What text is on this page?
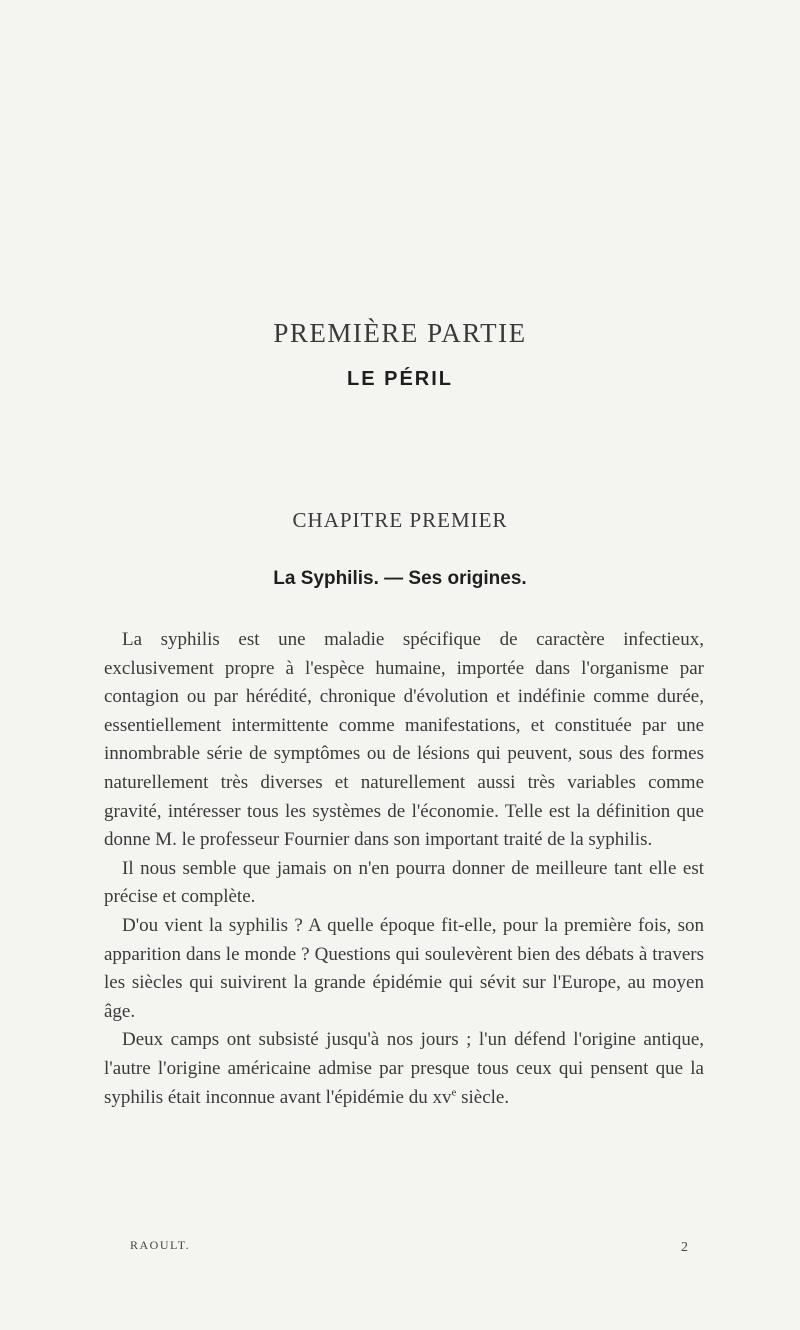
PREMIÈRE PARTIE
LE PÉRIL
CHAPITRE PREMIER
La Syphilis. — Ses origines.

La syphilis est une maladie spécifique de caractère infectieux, exclusivement propre à l'espèce humaine, importée dans l'organisme par contagion ou par hérédité, chronique d'évolution et indéfinie comme durée, essentiellement intermittente comme manifestations, et constituée par une innombrable série de symptômes ou de lésions qui peuvent, sous des formes naturellement très diverses et naturellement aussi très variables comme gravité, intéresser tous les systèmes de l'économie. Telle est la définition que donne M. le professeur Fournier dans son important traité de la syphilis.

Il nous semble que jamais on n'en pourra donner de meilleure tant elle est précise et complète.

D'ou vient la syphilis ? A quelle époque fit-elle, pour la première fois, son apparition dans le monde ? Questions qui soulevèrent bien des débats à travers les siècles qui suivirent la grande épidémie qui sévit sur l'Europe, au moyen âge.

Deux camps ont subsisté jusqu'à nos jours ; l'un défend l'origine antique, l'autre l'origine américaine admise par presque tous ceux qui pensent que la syphilis était inconnue avant l'épidémie du $xv^e$ siècle.

RAOULT.	2
